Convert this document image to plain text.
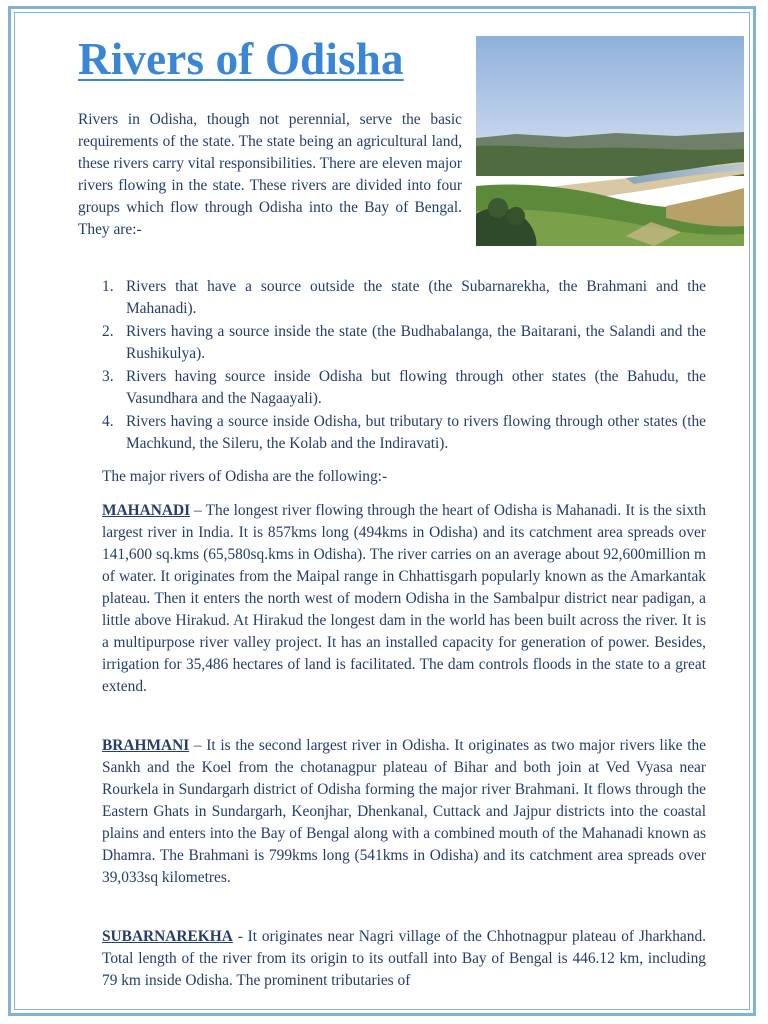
Rivers of Odisha

Rivers in Odisha, though not perennial, serve the basic requirements of the state. The state being an agricultural land, these rivers carry vital responsibilities. There are eleven major rivers flowing in the state. These rivers are divided into four groups which flow through Odisha into the Bay of Bengal. They are:-

1. Rivers that have a source outside the state (the Subarnarekha, the Brahmani and the Mahanadi).
2. Rivers having a source inside the state (the Budhabalanga, the Baitarani, the Salandi and the Rushikulya).
3. Rivers having source inside Odisha but flowing through other states (the Bahudu, the Vasundhara and the Nagaayali).
4. Rivers having a source inside Odisha, but tributary to rivers flowing through other states (the Machkund, the Sileru, the Kolab and the Indiravati).

The major rivers of Odisha are the following:-

MAHANADI – The longest river flowing through the heart of Odisha is Mahanadi. It is the sixth largest river in India. It is 857kms long (494kms in Odisha) and its catchment area spreads over 141,600 sq.kms (65,580sq.kms in Odisha). The river carries on an average about 92,600million m of water. It originates from the Maipal range in Chhattisgarh popularly known as the Amarkantak plateau. Then it enters the north west of modern Odisha in the Sambalpur district near padigan, a little above Hirakud. At Hirakud the longest dam in the world has been built across the river. It is a multipurpose river valley project. It has an installed capacity for generation of power. Besides, irrigation for 35,486 hectares of land is facilitated. The dam controls floods in the state to a great extend.

BRAHMANI – It is the second largest river in Odisha. It originates as two major rivers like the Sankh and the Koel from the chotanagpur plateau of Bihar and both join at Ved Vyasa near Rourkela in Sundargarh district of Odisha forming the major river Brahmani. It flows through the Eastern Ghats in Sundargarh, Keonjhar, Dhenkanal, Cuttack and Jajpur districts into the coastal plains and enters into the Bay of Bengal along with a combined mouth of the Mahanadi known as Dhamra. The Brahmani is 799kms long (541kms in Odisha) and its catchment area spreads over 39,033sq kilometres.

SUBARNAREKHA - It originates near Nagri village of the Chhotnagpur plateau of Jharkhand. Total length of the river from its origin to its outfall into Bay of Bengal is 446.12 km, including 79 km inside Odisha. The prominent tributaries of
